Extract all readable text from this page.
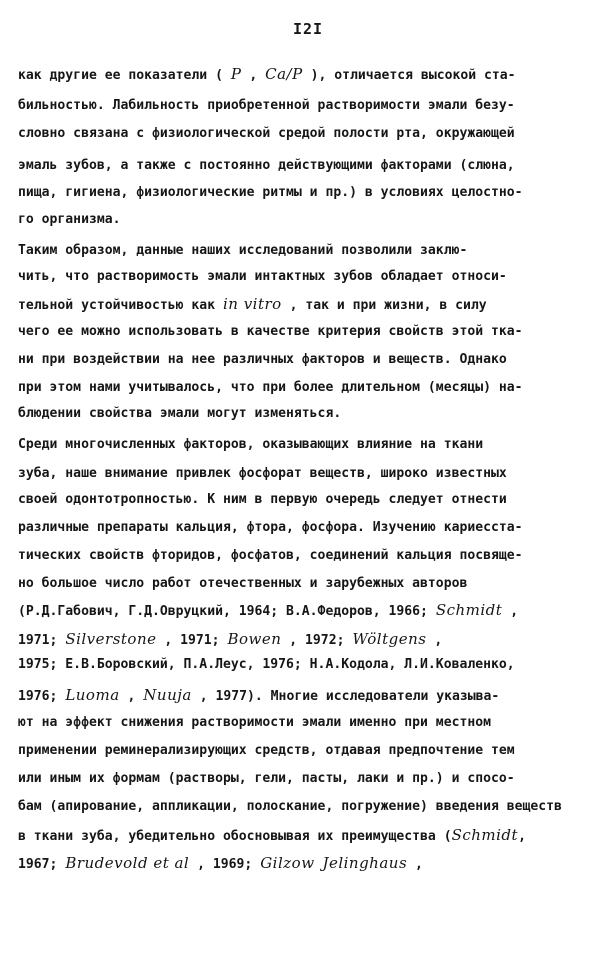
I2I
как другие ее показатели ( P , Ca/P ), отличается высокой ста-
бильностью. Лабильность приобретенной растворимости эмали безу-
словно связана с физиологической средой полости рта, окружающей
эмаль зубов, а также с постоянно действующими факторами (слюна,
пища, гигиена, физиологические ритмы и пр.) в условиях целостно-
го организма.
Таким образом, данные наших исследований позволили заклю-
чить, что растворимость эмали интактных зубов обладает относи-
тельной устойчивостью как in vitro , так и при жизни, в силу
чего ее можно использовать в качестве критерия свойств этой тка-
ни при воздействии на нее различных факторов и веществ. Однако
при этом нами учитывалось, что при более длительном (месяцы) на-
блюдении свойства эмали могут изменяться.
Среди многочисленных факторов, оказывающих влияние на ткани
зуба, наше внимание привлек фосфорат веществ, широко известных
своей одонтотропностью. К ним в первую очередь следует отнести
различные препараты кальция, фтора, фосфора. Изучению кариесста-
тических свойств фторидов, фосфатов, соединений кальция посвяще-
но большое число работ отечественных и зарубежных авторов
(Р.Д.Габович, Г.Д.Овруцкий, 1964; В.А.Федоров, 1966; Schmidt ,
1971; Silverstone , 1971; Bowen , 1972; Wöltgens ,
1975; Е.В.Боровский, П.А.Леус, 1976; Н.А.Кодола, Л.И.Коваленко,
1976; Luoma , Nuuja , 1977). Многие исследователи указыва-
ют на эффект снижения растворимости эмали именно при местном
применении реминерализирующих средств, отдавая предпочтение тем
или иным их формам (растворы, гели, пасты, лаки и пр.) и спосо-
бам (апирование, аппликации, полоскание, погружение) введения веществ
в ткани зуба, убедительно обосновывая их преимущества (Schmidt,
1967; Brudevold et al , 1969; Gilzow Jelinghaus ,
